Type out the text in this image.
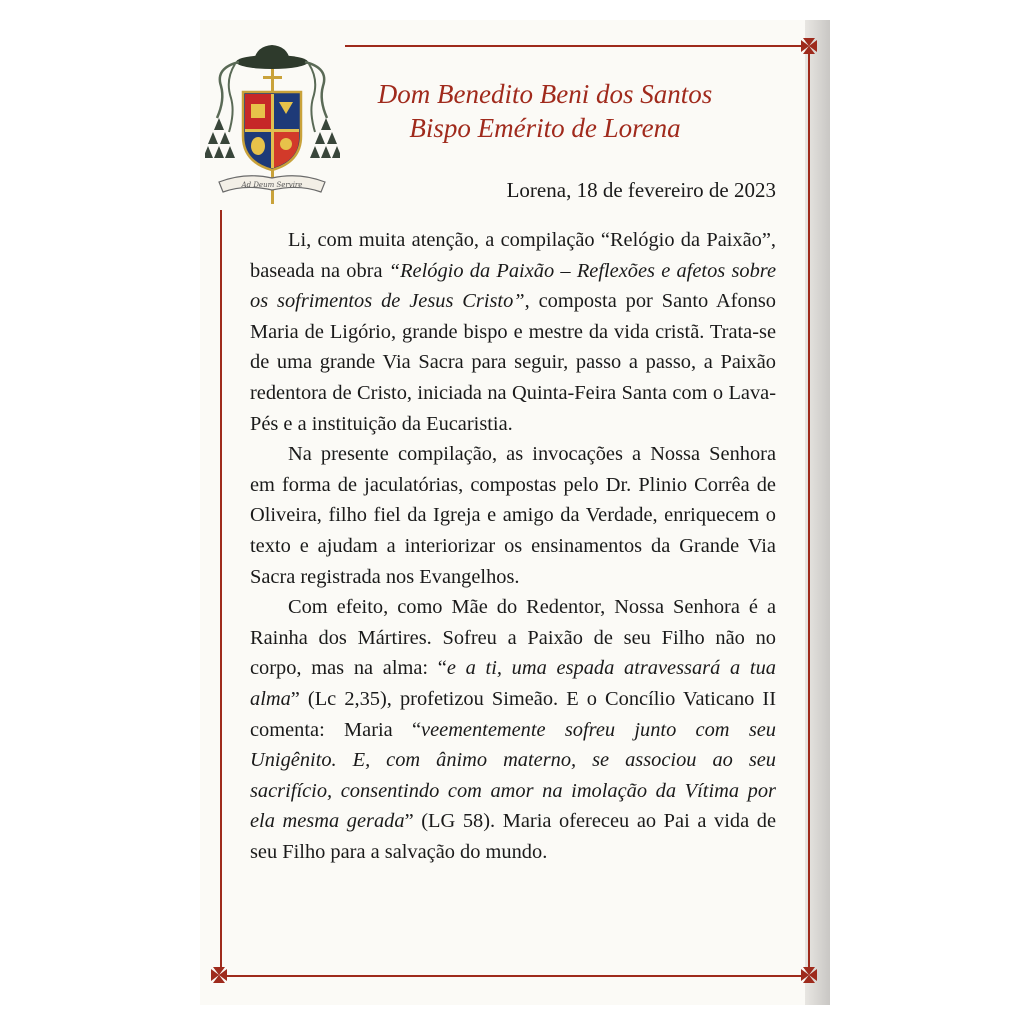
Ad Deum Servire
Dom Benedito Beni dos Santos
Bispo Emérito de Lorena
Lorena, 18 de fevereiro de 2023

Li, com muita atenção, a compilação “Relógio da Paixão”, baseada na obra “Relógio da Paixão – Reflexões e afetos sobre os sofrimentos de Jesus Cristo”, composta por Santo Afonso Maria de Ligório, grande bispo e mestre da vida cristã. Trata-se de uma grande Via Sacra para seguir, passo a passo, a Paixão redentora de Cristo, iniciada na Quinta-Feira Santa com o Lava-Pés e a instituição da Eucaristia.

Na presente compilação, as invocações a Nossa Senhora em forma de jaculatórias, compostas pelo Dr. Plinio Corrêa de Oliveira, filho fiel da Igreja e amigo da Verdade, enriquecem o texto e ajudam a interiorizar os ensinamentos da Grande Via Sacra registrada nos Evangelhos.

Com efeito, como Mãe do Redentor, Nossa Senhora é a Rainha dos Mártires. Sofreu a Paixão de seu Filho não no corpo, mas na alma: “e a ti, uma espada atravessará a tua alma” (Lc 2,35), profetizou Simeão. E o Concílio Vaticano II comenta: Maria “veementemente sofreu junto com seu Unigênito. E, com ânimo materno, se associou ao seu sacrifício, consentindo com amor na imolação da Vítima por ela mesma gerada” (LG 58). Maria ofereceu ao Pai a vida de seu Filho para a salvação do mundo.
